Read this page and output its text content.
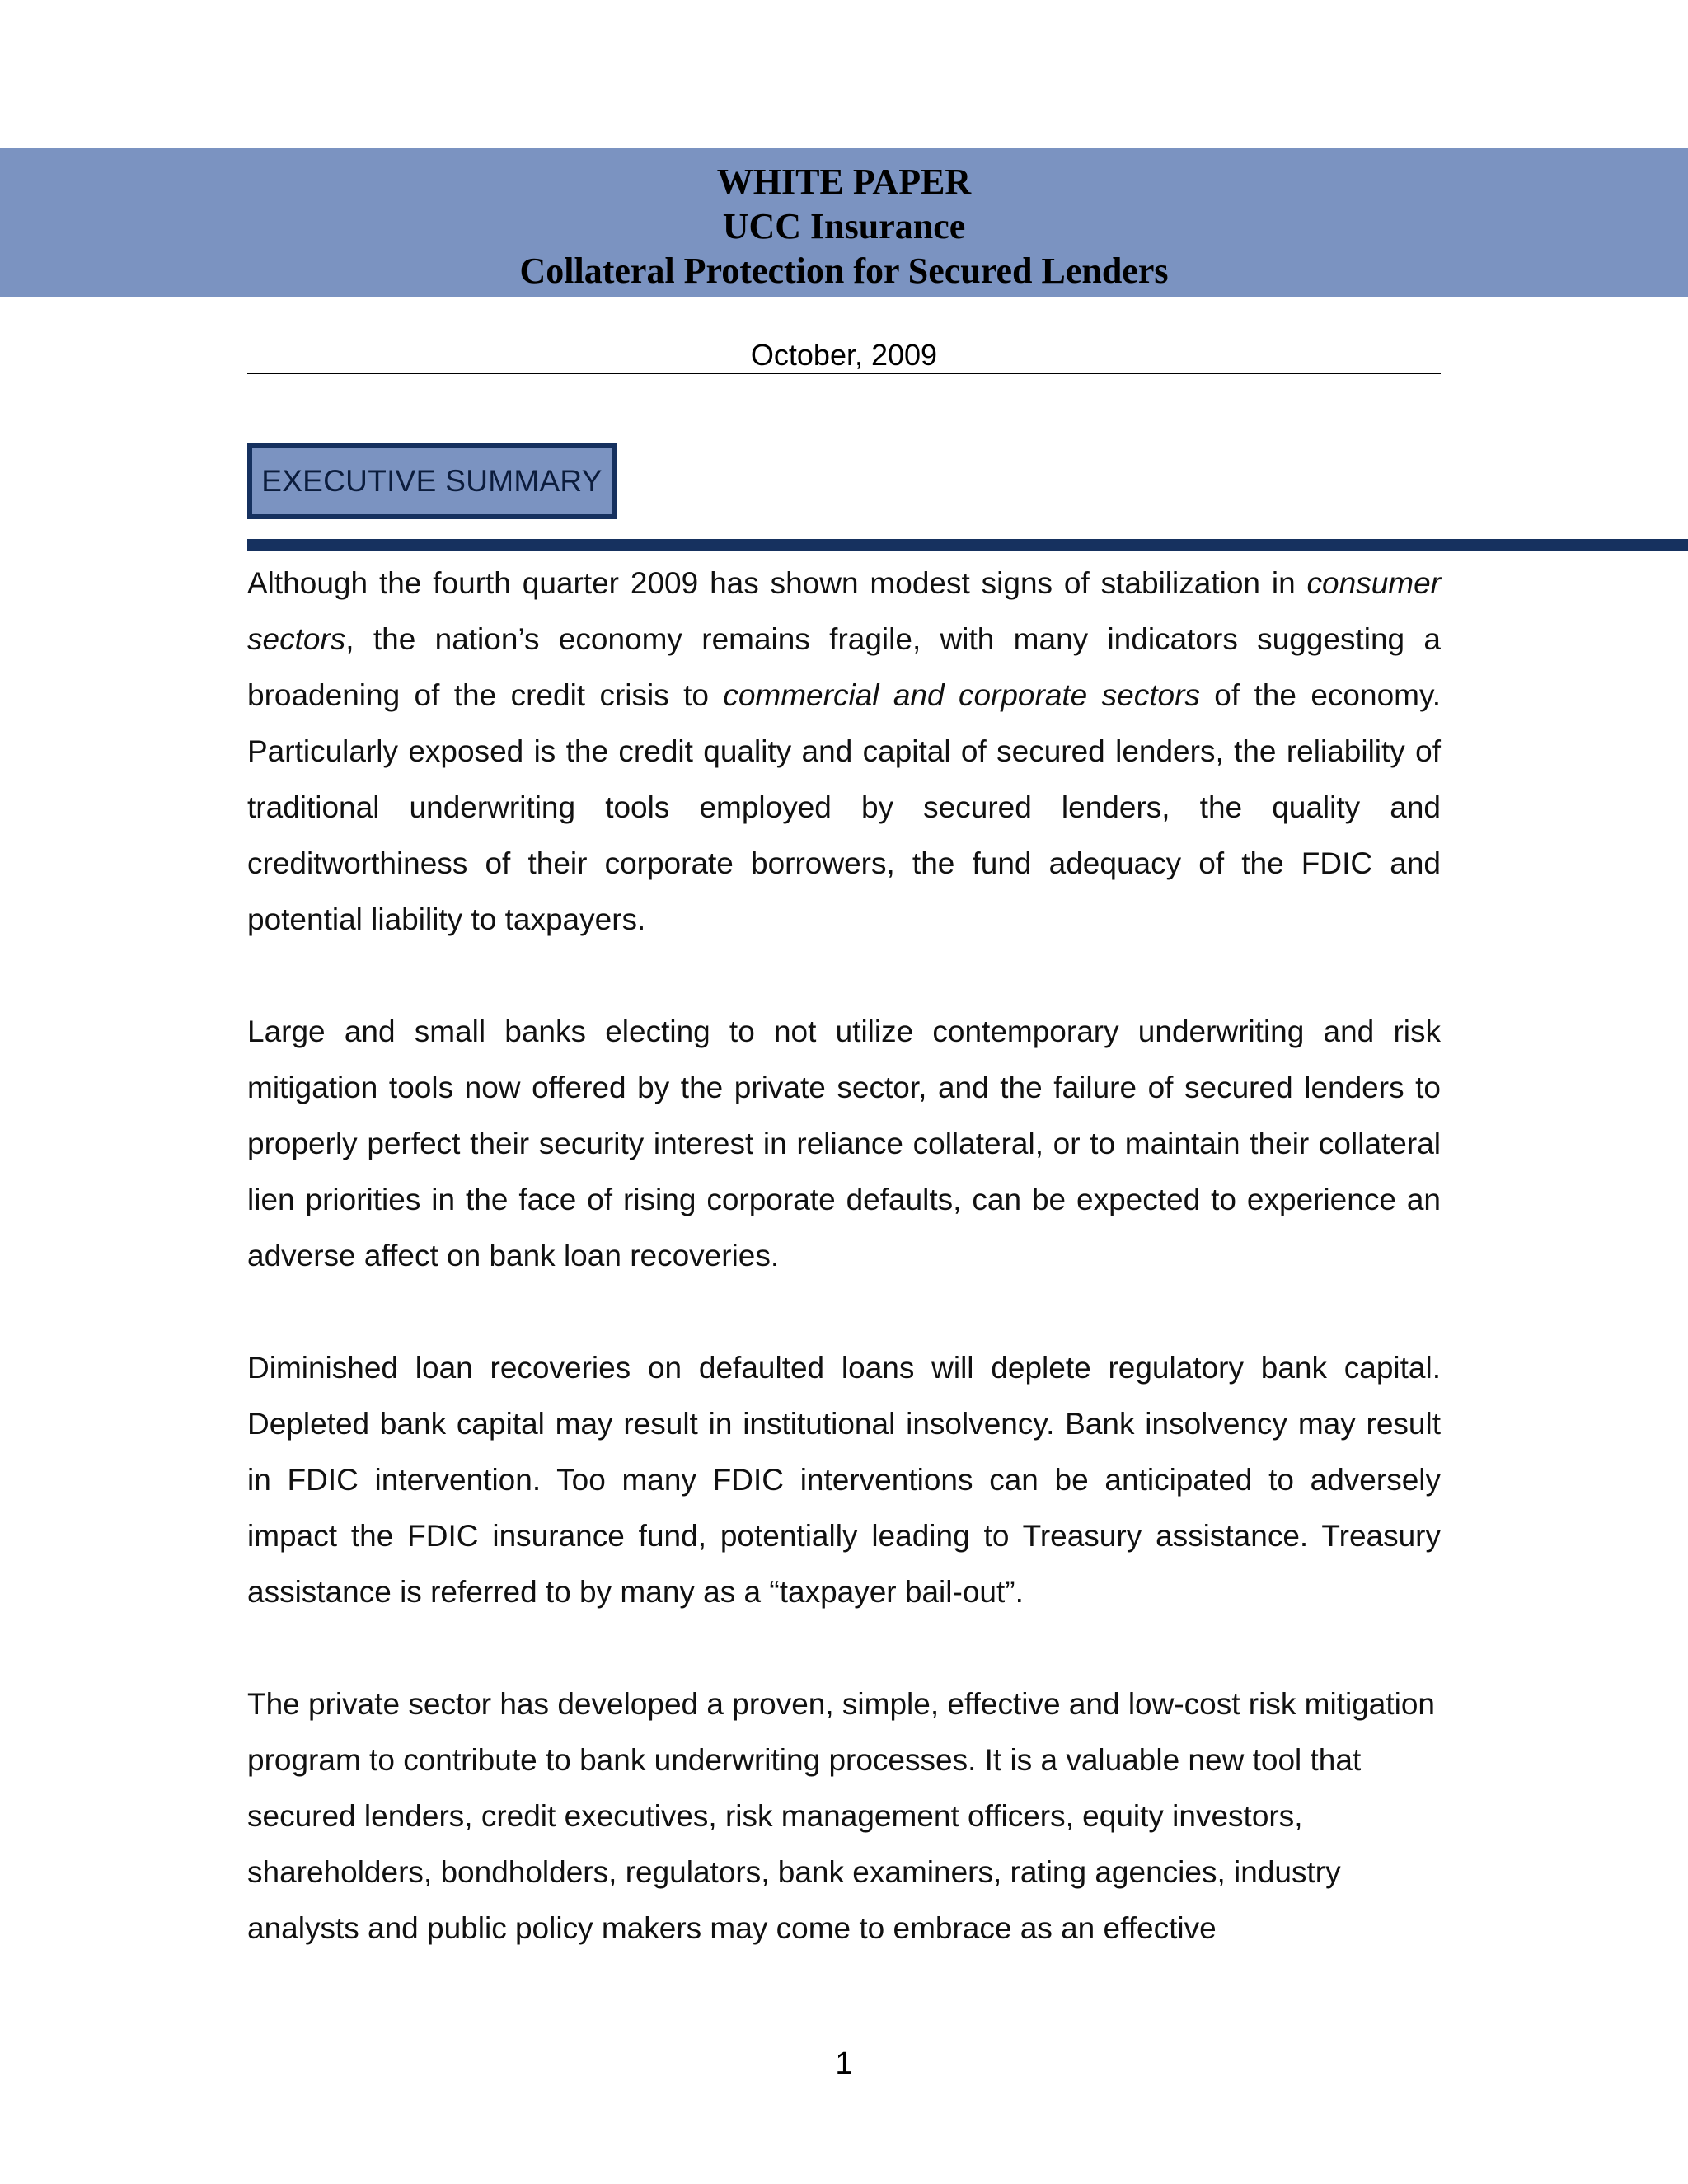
WHITE PAPER
UCC Insurance
Collateral Protection for Secured Lenders
October, 2009
EXECUTIVE SUMMARY

Although the fourth quarter 2009 has shown modest signs of stabilization in consumer sectors, the nation’s economy remains fragile, with many indicators suggesting a broadening of the credit crisis to commercial and corporate sectors of the economy. Particularly exposed is the credit quality and capital of secured lenders, the reliability of traditional underwriting tools employed by secured lenders, the quality and creditworthiness of their corporate borrowers, the fund adequacy of the FDIC and potential liability to taxpayers.

Large and small banks electing to not utilize contemporary underwriting and risk mitigation tools now offered by the private sector, and the failure of secured lenders to properly perfect their security interest in reliance collateral, or to maintain their collateral lien priorities in the face of rising corporate defaults, can be expected to experience an adverse affect on bank loan recoveries.

Diminished loan recoveries on defaulted loans will deplete regulatory bank capital. Depleted bank capital may result in institutional insolvency. Bank insolvency may result in FDIC intervention. Too many FDIC interventions can be anticipated to adversely impact the FDIC insurance fund, potentially leading to Treasury assistance. Treasury assistance is referred to by many as a “taxpayer bail-out”.

The private sector has developed a proven, simple, effective and low-cost risk mitigation program to contribute to bank underwriting processes. It is a valuable new tool that secured lenders, credit executives, risk management officers, equity investors, shareholders, bondholders, regulators, bank examiners, rating agencies, industry analysts and public policy makers may come to embrace as an effective

1
